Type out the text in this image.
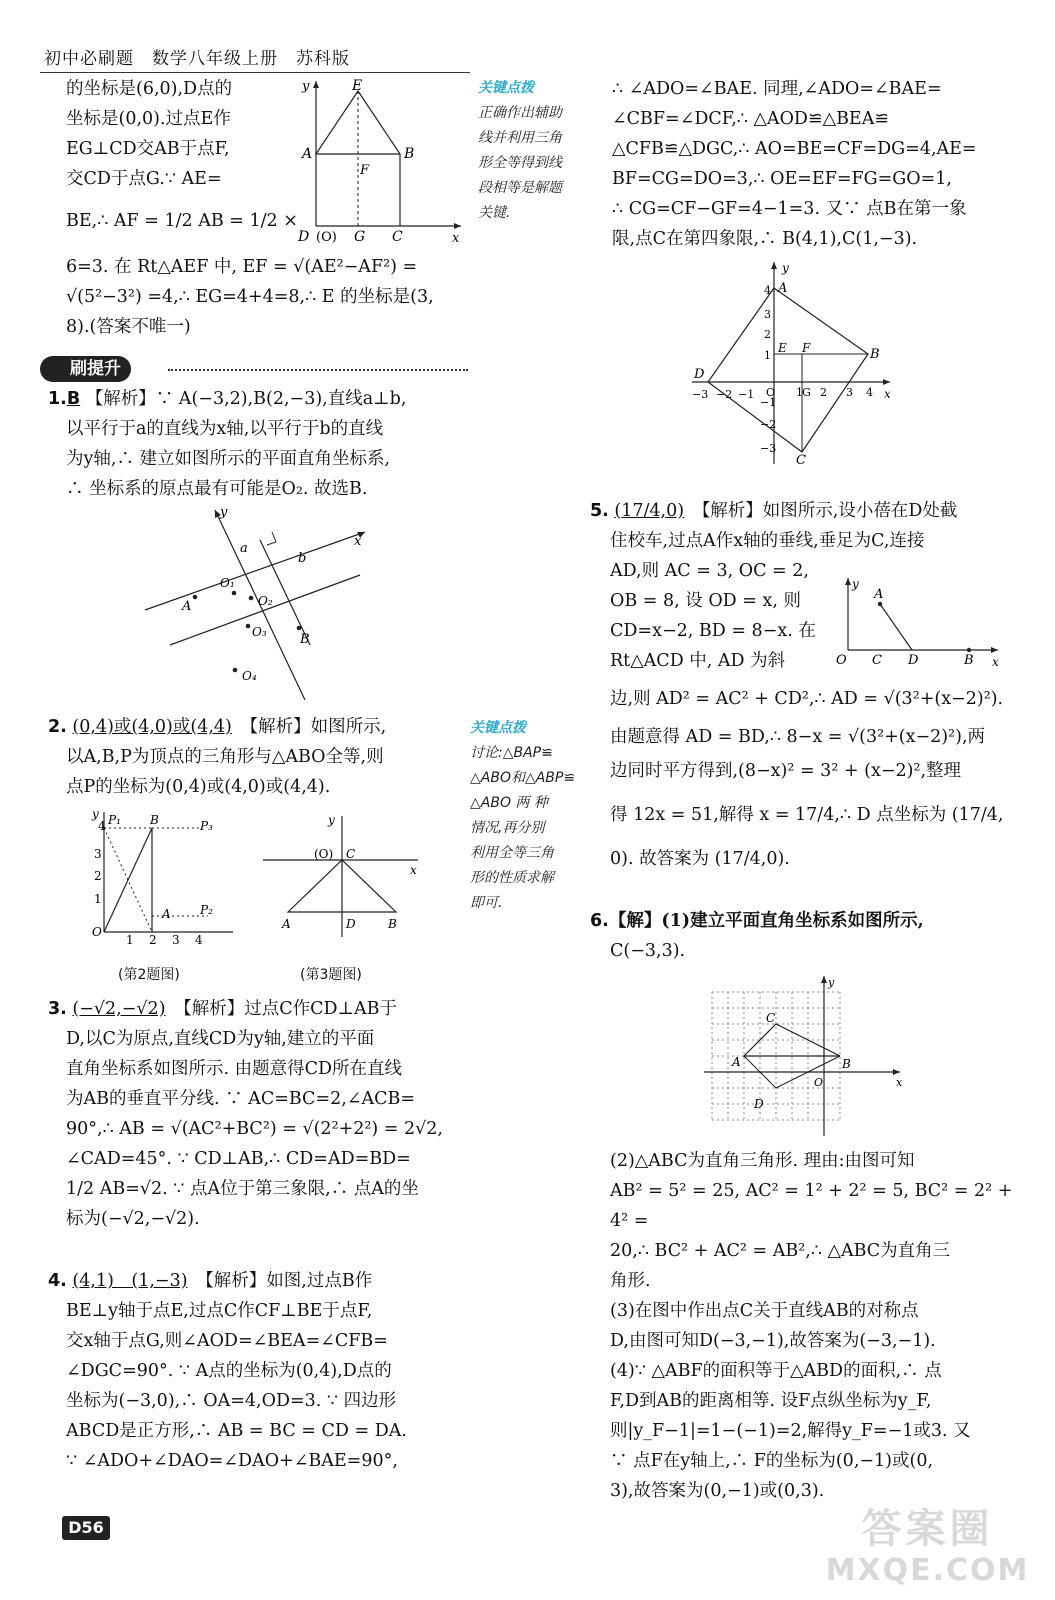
初中必刷题　数学八年级上册　苏科版

的坐标是(6,0),D点的

坐标是(0,0).过点E作

EG⊥CD交AB于点F,

交CD于点G.∵ AE=

BE,∴ AF = 1/2 AB = 1/2 ×

6=3. 在 Rt△AEF 中, EF = √(AE²−AF²) =

√(5²−3²) =4,∴ EG=4+4=8,∴ E 的坐标是(3,

8).(答案不唯一)

y
x
E
A	B
F
D (O) G C
关键点拨
正确作出辅助
线并利用三角
形全等得到线
段相等是解题
关键.
刷提升

1.B 【解析】∵ A(−3,2),B(2,−3),直线a⊥b,

以平行于a的直线为x轴,以平行于b的直线

为y轴,∴ 建立如图所示的平面直角坐标系,

∴ 坐标系的原点最有可能是O₂. 故选B.

y
x
a
b
A
O₁
O₂
O₃	B
O₄

2. (0,4)或(4,0)或(4,4)　 【解析】如图所示,

以A,B,P为顶点的三角形与△ABO全等,则

点P的坐标为(0,4)或(4,0)或(4,4).

关键点拨
讨论:△BAP≌
△ABO和△ABP≌
△ABO 两 种
情况,再分别
利用全等三角
形的性质求解
即可.
y
O
4
3
2
1
1 2 3 4
P₁ B	P₃
A P₂
y
x
(O) C
A	D	B
(第2题图)	(第3题图)

3. (−√2,−√2)　 【解析】过点C作CD⊥AB于

D,以C为原点,直线CD为y轴,建立的平面

直角坐标系如图所示. 由题意得CD所在直线

为AB的垂直平分线. ∵ AC=BC=2,∠ACB=

90°,∴ AB = √(AC²+BC²) = √(2²+2²) = 2√2,

∠CAD=45°. ∵ CD⊥AB,∴ CD=AD=BD=

1/2 AB=√2. ∵ 点A位于第三象限,∴ 点A的坐

标为(−√2,−√2).

4. (4,1)　(1,−3)　 【解析】如图,过点B作

BE⊥y轴于点E,过点C作CF⊥BE于点F,

交x轴于点G,则∠AOD=∠BEA=∠CFB=

∠DGC=90°. ∵ A点的坐标为(0,4),D点的

坐标为(−3,0),∴ OA=4,OD=3. ∵ 四边形

ABCD是正方形,∴ AB = BC = CD = DA.

∵ ∠ADO+∠DAO=∠DAO+∠BAE=90°,

∴ ∠ADO=∠BAE. 同理,∠ADO=∠BAE=

∠CBF=∠DCF,∴ △AOD≌△BEA≌

△CFB≌△DGC,∴ AO=BE=CF=DG=4,AE=

BF=CG=DO=3,∴ OE=EF=FG=GO=1,

∴ CG=CF−GF=4−1=3. 又∵ 点B在第一象

限,点C在第四象限,∴ B(4,1),C(1,−3).

y
x
A
B
C
D
E F
4
3
2
1
−1
−2
−3
−3 −2 −1 O 1 G 2 3 4

5. (17/4,0)　 【解析】如图所示,设小蓓在D处截

住校车,过点A作x轴的垂线,垂足为C,连接

AD,则 AC = 3, OC = 2,

OB = 8, 设 OD = x, 则

CD=x−2, BD = 8−x. 在

Rt△ACD 中, AD 为斜

边,则 AD² = AC² + CD²,∴ AD = √(3²+(x−2)²).

由题意得 AD = BD,∴ 8−x = √(3²+(x−2)²),两

边同时平方得到,(8−x)² = 3² + (x−2)²,整理

得 12x = 51,解得 x = 17/4,∴ D 点坐标为 (17/4,

0). 故答案为 (17/4,0).

y
x
A
O C D	B

6.【解】(1)建立平面直角坐标系如图所示,

C(−3,3).

y
x
O
A
C
B
D

(2)△ABC为直角三角形. 理由:由图可知

AB² = 5² = 25, AC² = 1² + 2² = 5, BC² = 2² + 4² =

20,∴ BC² + AC² = AB²,∴ △ABC为直角三

角形.

(3)在图中作出点C关于直线AB的对称点

D,由图可知D(−3,−1),故答案为(−3,−1).

(4)∵ △ABF的面积等于△ABD的面积,∴ 点

F,D到AB的距离相等. 设F点纵坐标为y_F,

则|y_F−1|=1−(−1)=2,解得y_F=−1或3. 又

∵ 点F在y轴上,∴ F的坐标为(0,−1)或(0,

3),故答案为(0,−1)或(0,3).

D56	答案圈
MXQE.COM
